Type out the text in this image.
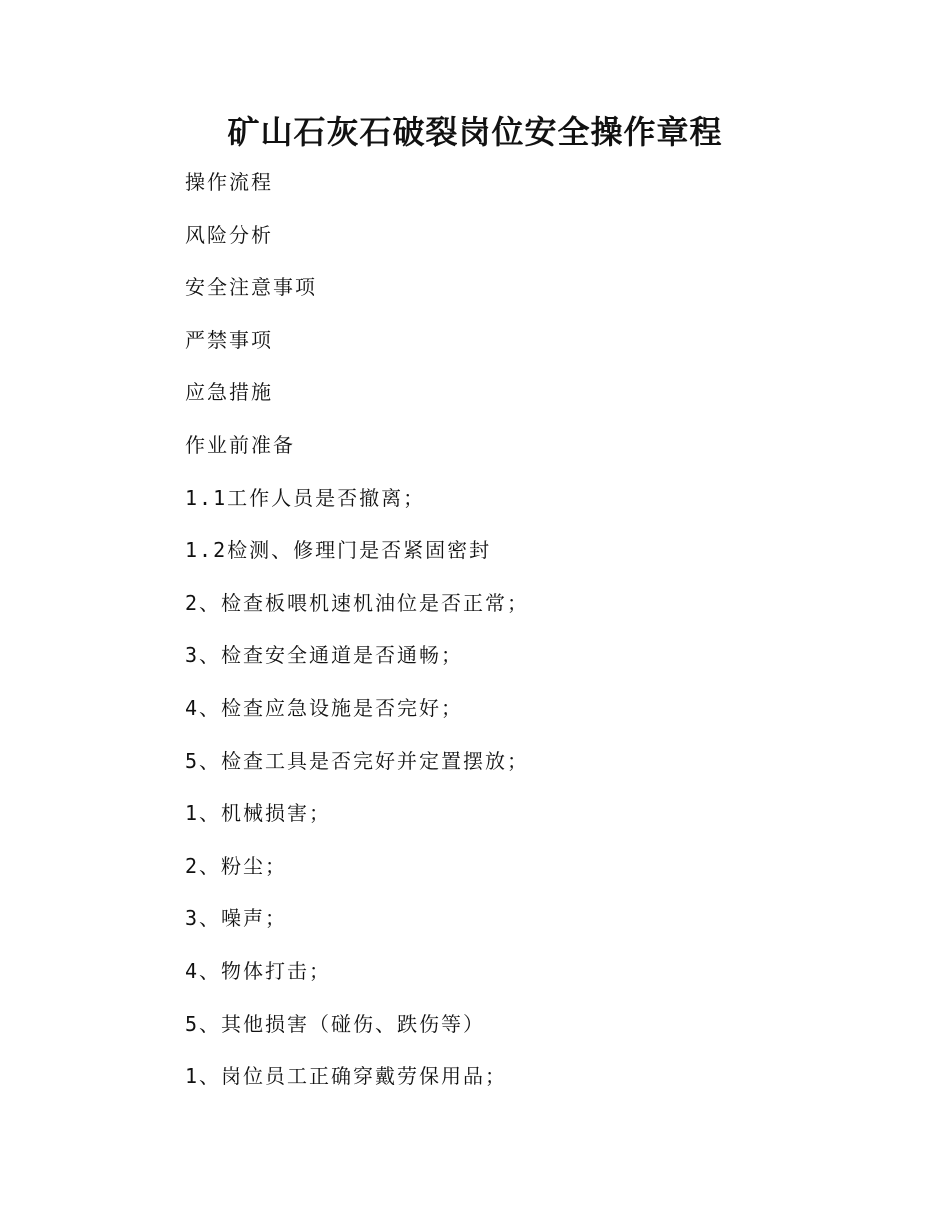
矿山石灰石破裂岗位安全操作章程
操作流程
风险分析
安全注意事项
严禁事项
应急措施
作业前准备
1.1工作人员是否撤离；
1.2检测、修理门是否紧固密封
2、检查板喂机速机油位是否正常；
3、检查安全通道是否通畅；
4、检查应急设施是否完好；
5、检查工具是否完好并定置摆放；
1、机械损害；
2、粉尘；
3、噪声；
4、物体打击；
5、其他损害（碰伤、跌伤等）
1、岗位员工正确穿戴劳保用品；
